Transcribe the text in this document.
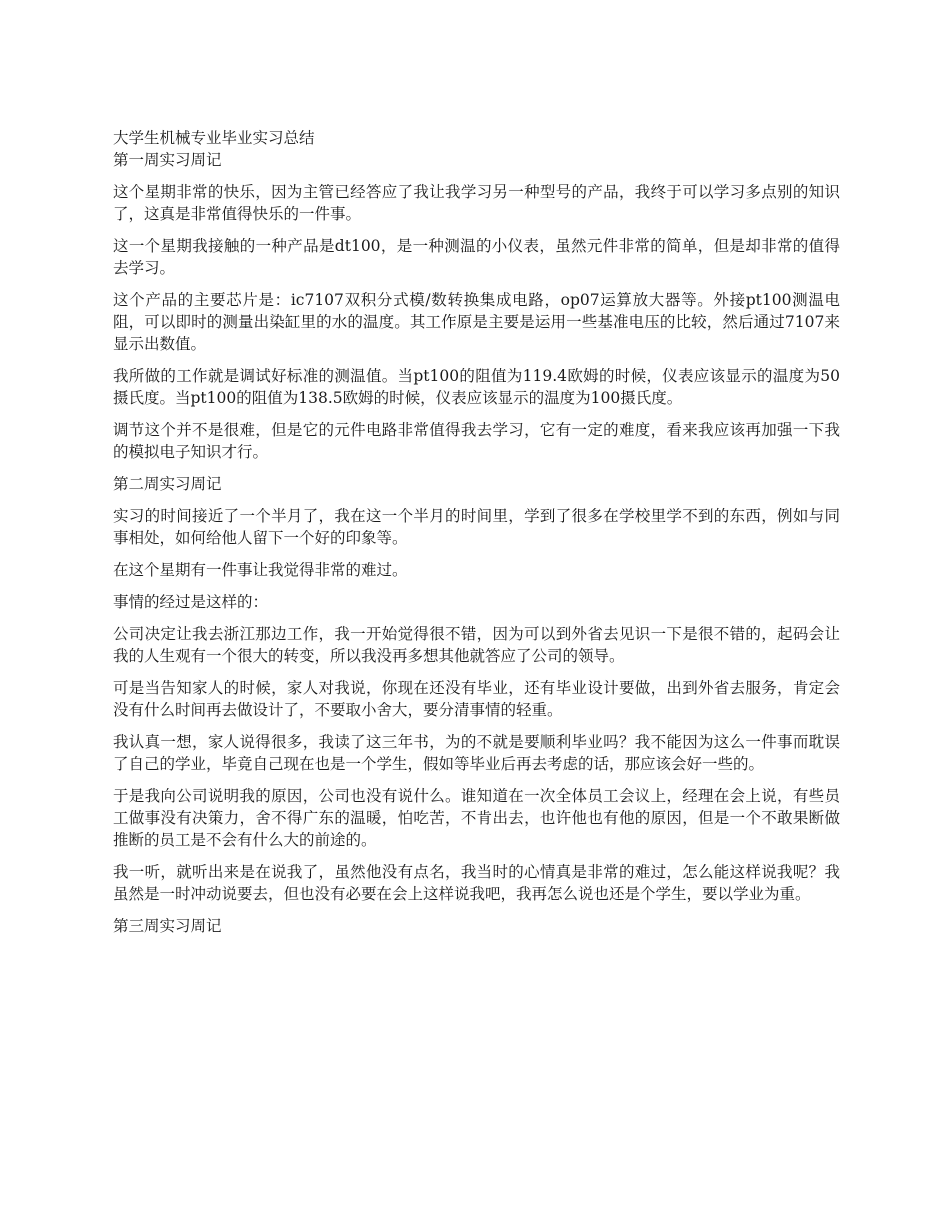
大学生机械专业毕业实习总结
第一周实习周记

这个星期非常的快乐，因为主管已经答应了我让我学习另一种型号的产品，我终于可以学习多点别的知识了，这真是非常值得快乐的一件事。

这一个星期我接触的一种产品是dt100，是一种测温的小仪表，虽然元件非常的简单，但是却非常的值得去学习。

这个产品的主要芯片是：ic7107双积分式模/数转换集成电路，op07运算放大器等。外接pt100测温电阻，可以即时的测量出染缸里的水的温度。其工作原是主要是运用一些基准电压的比较，然后通过7107来显示出数值。

我所做的工作就是调试好标准的测温值。当pt100的阻值为119.4欧姆的时候，仪表应该显示的温度为50摄氏度。当pt100的阻值为138.5欧姆的时候，仪表应该显示的温度为100摄氏度。

调节这个并不是很难，但是它的元件电路非常值得我去学习，它有一定的难度，看来我应该再加强一下我的模拟电子知识才行。

第二周实习周记

实习的时间接近了一个半月了，我在这一个半月的时间里，学到了很多在学校里学不到的东西，例如与同事相处，如何给他人留下一个好的印象等。

在这个星期有一件事让我觉得非常的难过。

事情的经过是这样的：

公司决定让我去浙江那边工作，我一开始觉得很不错，因为可以到外省去见识一下是很不错的，起码会让我的人生观有一个很大的转变，所以我没再多想其他就答应了公司的领导。

可是当告知家人的时候，家人对我说，你现在还没有毕业，还有毕业设计要做，出到外省去服务，肯定会没有什么时间再去做设计了，不要取小舍大，要分清事情的轻重。

我认真一想，家人说得很多，我读了这三年书，为的不就是要顺利毕业吗？我不能因为这么一件事而耽误了自己的学业，毕竟自己现在也是一个学生，假如等毕业后再去考虑的话，那应该会好一些的。

于是我向公司说明我的原因，公司也没有说什么。谁知道在一次全体员工会议上，经理在会上说，有些员工做事没有决策力，舍不得广东的温暖，怕吃苦，不肯出去，也许他也有他的原因，但是一个不敢果断做推断的员工是不会有什么大的前途的。

我一听，就听出来是在说我了，虽然他没有点名，我当时的心情真是非常的难过，怎么能这样说我呢？我虽然是一时冲动说要去，但也没有必要在会上这样说我吧，我再怎么说也还是个学生，要以学业为重。

第三周实习周记
